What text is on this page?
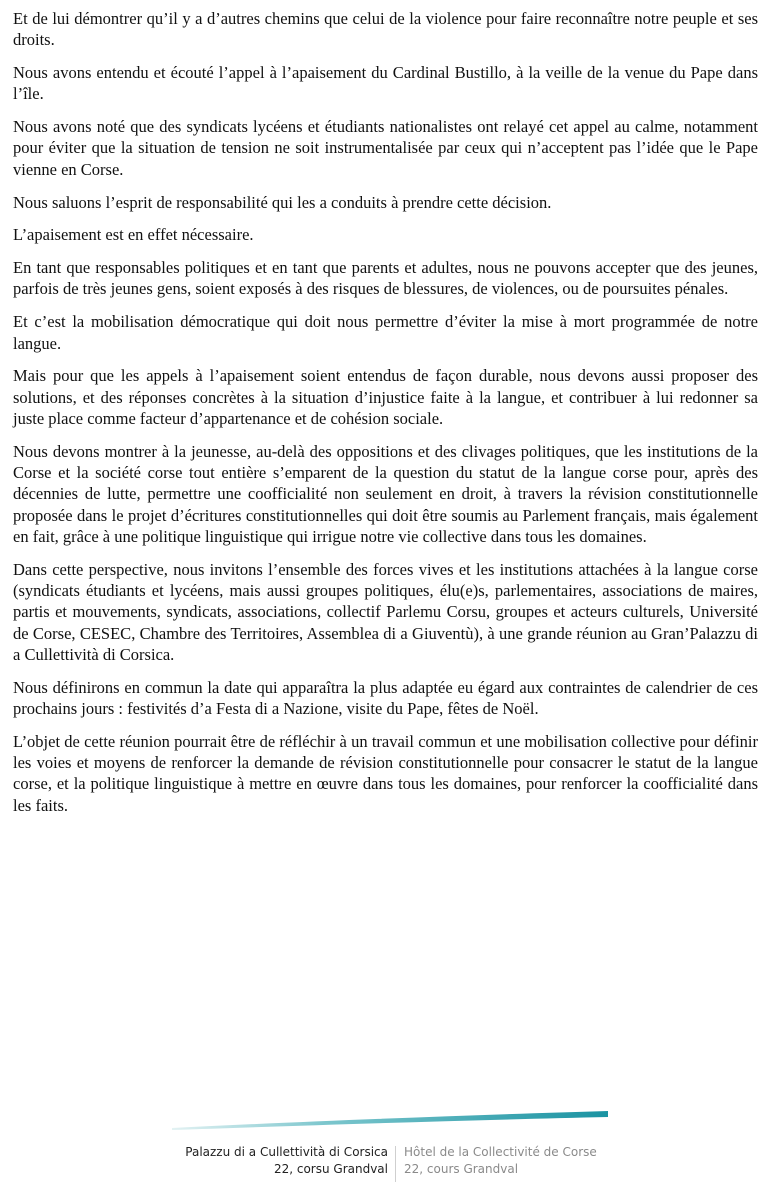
Et de lui démontrer qu’il y a d’autres chemins que celui de la violence pour faire reconnaître notre peuple et ses droits.

Nous avons entendu et écouté l’appel à l’apaisement du Cardinal Bustillo, à la veille de la venue du Pape dans l’île.

Nous avons noté que des syndicats lycéens et étudiants nationalistes ont relayé cet appel au calme, notamment pour éviter que la situation de tension ne soit instrumentalisée par ceux qui n’acceptent pas l’idée que le Pape vienne en Corse.

Nous saluons l’esprit de responsabilité qui les a conduits à prendre cette décision.

L’apaisement est en effet nécessaire.

En tant que responsables politiques et en tant que parents et adultes, nous ne pouvons accepter que des jeunes, parfois de très jeunes gens, soient exposés à des risques de blessures, de violences, ou de poursuites pénales.

Et c’est la mobilisation démocratique qui doit nous permettre d’éviter la mise à mort programmée de notre langue.

Mais pour que les appels à l’apaisement soient entendus de façon durable, nous devons aussi proposer des solutions, et des réponses concrètes à la situation d’injustice faite à la langue, et contribuer à lui redonner sa juste place comme facteur d’appartenance et de cohésion sociale.

Nous devons montrer à la jeunesse, au-delà des oppositions et des clivages politiques, que les institutions de la Corse et la société corse tout entière s’emparent de la question du statut de la langue corse pour, après des décennies de lutte, permettre une coofficialité non seulement en droit, à travers la révision constitutionnelle proposée dans le projet d’écritures constitutionnelles qui doit être soumis au Parlement français, mais également en fait, grâce à une politique linguistique qui irrigue notre vie collective dans tous les domaines.

Dans cette perspective, nous invitons l’ensemble des forces vives et les institutions attachées à la langue corse (syndicats étudiants et lycéens, mais aussi groupes politiques, élu(e)s, parlementaires, associations de maires, partis et mouvements, syndicats, associations, collectif Parlemu Corsu, groupes et acteurs culturels, Université de Corse, CESEC, Chambre des Territoires, Assemblea di a Giuventù), à une grande réunion au Gran’Palazzu di a Cullettività di Corsica.

Nous définirons en commun la date qui apparaîtra la plus adaptée eu égard aux contraintes de calendrier de ces prochains jours : festivités d’a Festa di a Nazione, visite du Pape, fêtes de Noël.

L’objet de cette réunion pourrait être de réfléchir à un travail commun et une mobilisation collective pour définir les voies et moyens de renforcer la demande de révision constitutionnelle pour consacrer le statut de la langue corse, et la politique linguistique à mettre en œuvre dans tous les domaines, pour renforcer la coofficialité dans les faits.

Palazzu di a Cullettività di Corsica
22, corsu Grandval
Hôtel de la Collectivité de Corse
22, cours Grandval
